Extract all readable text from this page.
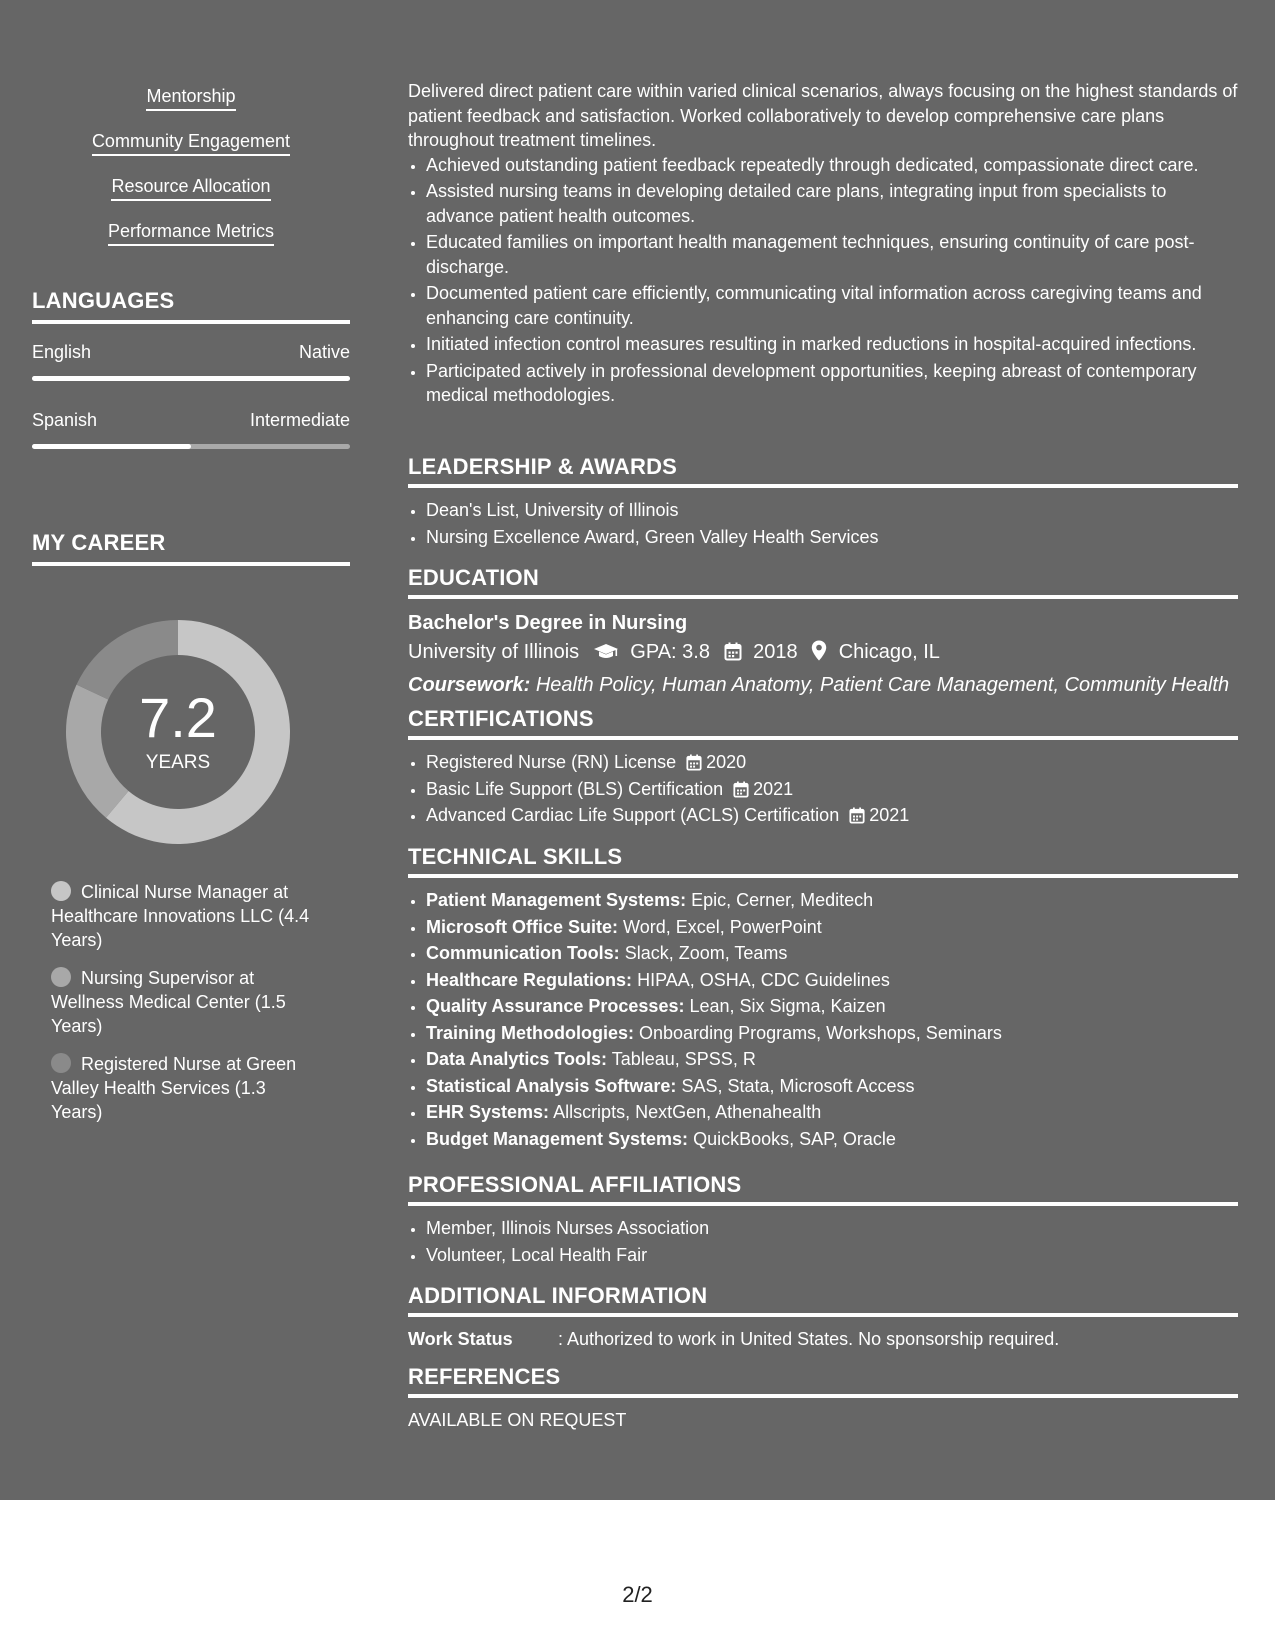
Mentorship
Community Engagement
Resource Allocation
Performance Metrics
LANGUAGES
English	Native
Spanish	Intermediate
MY CAREER
7.2
YEARS
Clinical Nurse Manager at Healthcare Innovations LLC (4.4 Years)
Nursing Supervisor at Wellness Medical Center (1.5 Years)
Registered Nurse at Green Valley Health Services (1.3 Years)
Delivered direct patient care within varied clinical scenarios, always focusing on the highest standards of patient feedback and satisfaction. Worked collaboratively to develop comprehensive care plans throughout treatment timelines.
• Achieved outstanding patient feedback repeatedly through dedicated, compassionate direct care.
• Assisted nursing teams in developing detailed care plans, integrating input from specialists to advance patient health outcomes.
• Educated families on important health management techniques, ensuring continuity of care post-discharge.
• Documented patient care efficiently, communicating vital information across caregiving teams and enhancing care continuity.
• Initiated infection control measures resulting in marked reductions in hospital-acquired infections.
• Participated actively in professional development opportunities, keeping abreast of contemporary medical methodologies.
LEADERSHIP & AWARDS
• Dean's List, University of Illinois
• Nursing Excellence Award, Green Valley Health Services
EDUCATION
Bachelor's Degree in Nursing
University of Illinois	GPA: 3.8 2018 Chicago, IL
Coursework: Health Policy, Human Anatomy, Patient Care Management, Community Health
CERTIFICATIONS
• Registered Nurse (RN) License 2020
• Basic Life Support (BLS) Certification 2021
• Advanced Cardiac Life Support (ACLS) Certification 2021
TECHNICAL SKILLS
• Patient Management Systems: Epic, Cerner, Meditech
• Microsoft Office Suite: Word, Excel, PowerPoint
• Communication Tools: Slack, Zoom, Teams
• Healthcare Regulations: HIPAA, OSHA, CDC Guidelines
• Quality Assurance Processes: Lean, Six Sigma, Kaizen
• Training Methodologies: Onboarding Programs, Workshops, Seminars
• Data Analytics Tools: Tableau, SPSS, R
• Statistical Analysis Software: SAS, Stata, Microsoft Access
• EHR Systems: Allscripts, NextGen, Athenahealth
• Budget Management Systems: QuickBooks, SAP, Oracle
PROFESSIONAL AFFILIATIONS
• Member, Illinois Nurses Association
• Volunteer, Local Health Fair
ADDITIONAL INFORMATION
Work Status	: Authorized to work in United States. No sponsorship required.
REFERENCES
AVAILABLE ON REQUEST
2/2
